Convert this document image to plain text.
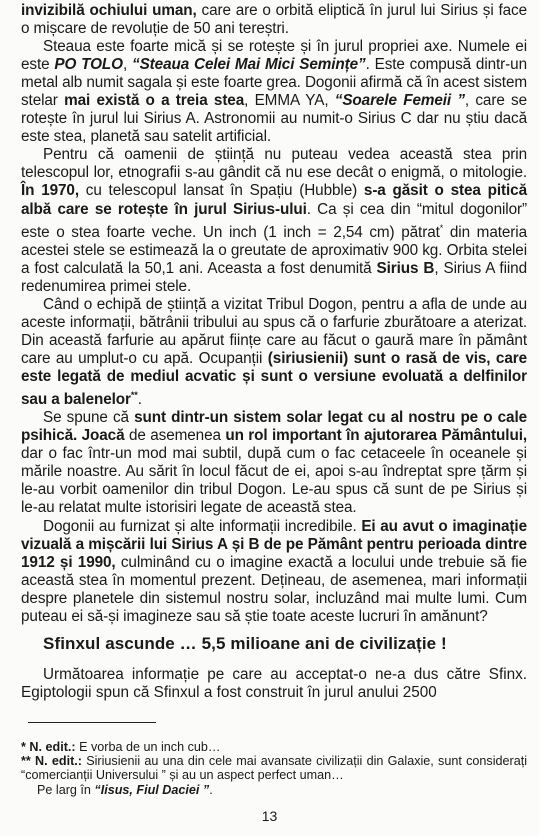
invizibilă ochiului uman, care are o orbită eliptică în jurul lui Sirius și face o mișcare de revoluție de 50 ani tereștri.

Steaua este foarte mică și se rotește și în jurul propriei axe. Numele ei este PO TOLO, “Steaua Celei Mai Mici Semințe”. Este compusă dintr-un metal alb numit sagala și este foarte grea. Dogonii afirmă că în acest sistem stelar mai există o a treia stea, EMMA YA, “Soarele Femeii ”, care se rotește în jurul lui Sirius A. Astronomii au numit-o Sirius C dar nu știu dacă este stea, planetă sau satelit artificial.

Pentru că oamenii de știință nu puteau vedea această stea prin telescopul lor, etnografii s-au gândit că nu ese decât o enigmă, o mitologie. În 1970, cu telescopul lansat în Spațiu (Hubble) s-a găsit o stea pitică albă care se rotește în jurul Sirius-ului. Ca și cea din “mitul dogonilor” este o stea foarte veche. Un inch (1 inch = 2,54 cm) pătrat* din materia acestei stele se estimează la o greutate de aproximativ 900 kg. Orbita stelei a fost calculată la 50,1 ani. Aceasta a fost denumită Sirius B, Sirius A fiind redenumirea primei stele.

Când o echipă de știință a vizitat Tribul Dogon, pentru a afla de unde au aceste informații, bătrânii tribului au spus că o farfurie zburătoare a aterizat. Din această farfurie au apărut ființe care au făcut o gaură mare în pământ care au umplut-o cu apă. Ocupanții (siriusienii) sunt o rasă de vis, care este legată de mediul acvatic și sunt o versiune evoluată a delfinilor sau a balenelor**.

Se spune că sunt dintr-un sistem solar legat cu al nostru pe o cale psihică. Joacă de asemenea un rol important în ajutorarea Pământului, dar o fac într-un mod mai subtil, după cum o fac cetaceele în oceanele și mările noastre. Au sărit în locul făcut de ei, apoi s-au îndreptat spre țărm și le-au vorbit oamenilor din tribul Dogon. Le-au spus că sunt de pe Sirius și le-au relatat multe istorisiri legate de această stea.

Dogonii au furnizat și alte informații incredibile. Ei au avut o imaginație vizuală a mișcării lui Sirius A și B de pe Pământ pentru perioada dintre 1912 și 1990, culminând cu o imagine exactă a locului unde trebuie să fie această stea în momentul prezent. Dețineau, de asemenea, mari informații despre planetele din sistemul nostru solar, incluzând mai multe lumi. Cum puteau ei să-și imagineze sau să știe toate aceste lucruri în amănunt?

Sfinxul ascunde … 5,5 milioane ani de civilizație !

Următoarea informație pe care au acceptat-o ne-a dus către Sfinx. Egiptologii spun că Sfinxul a fost construit în jurul anului 2500

* N. edit.: E vorba de un inch cub…

** N. edit.: Siriusienii au una din cele mai avansate civilizații din Galaxie, sunt considerați “comercianții Universului ” și au un aspect perfect uman…

Pe larg în “Iisus, Fiul Daciei ”.

13
